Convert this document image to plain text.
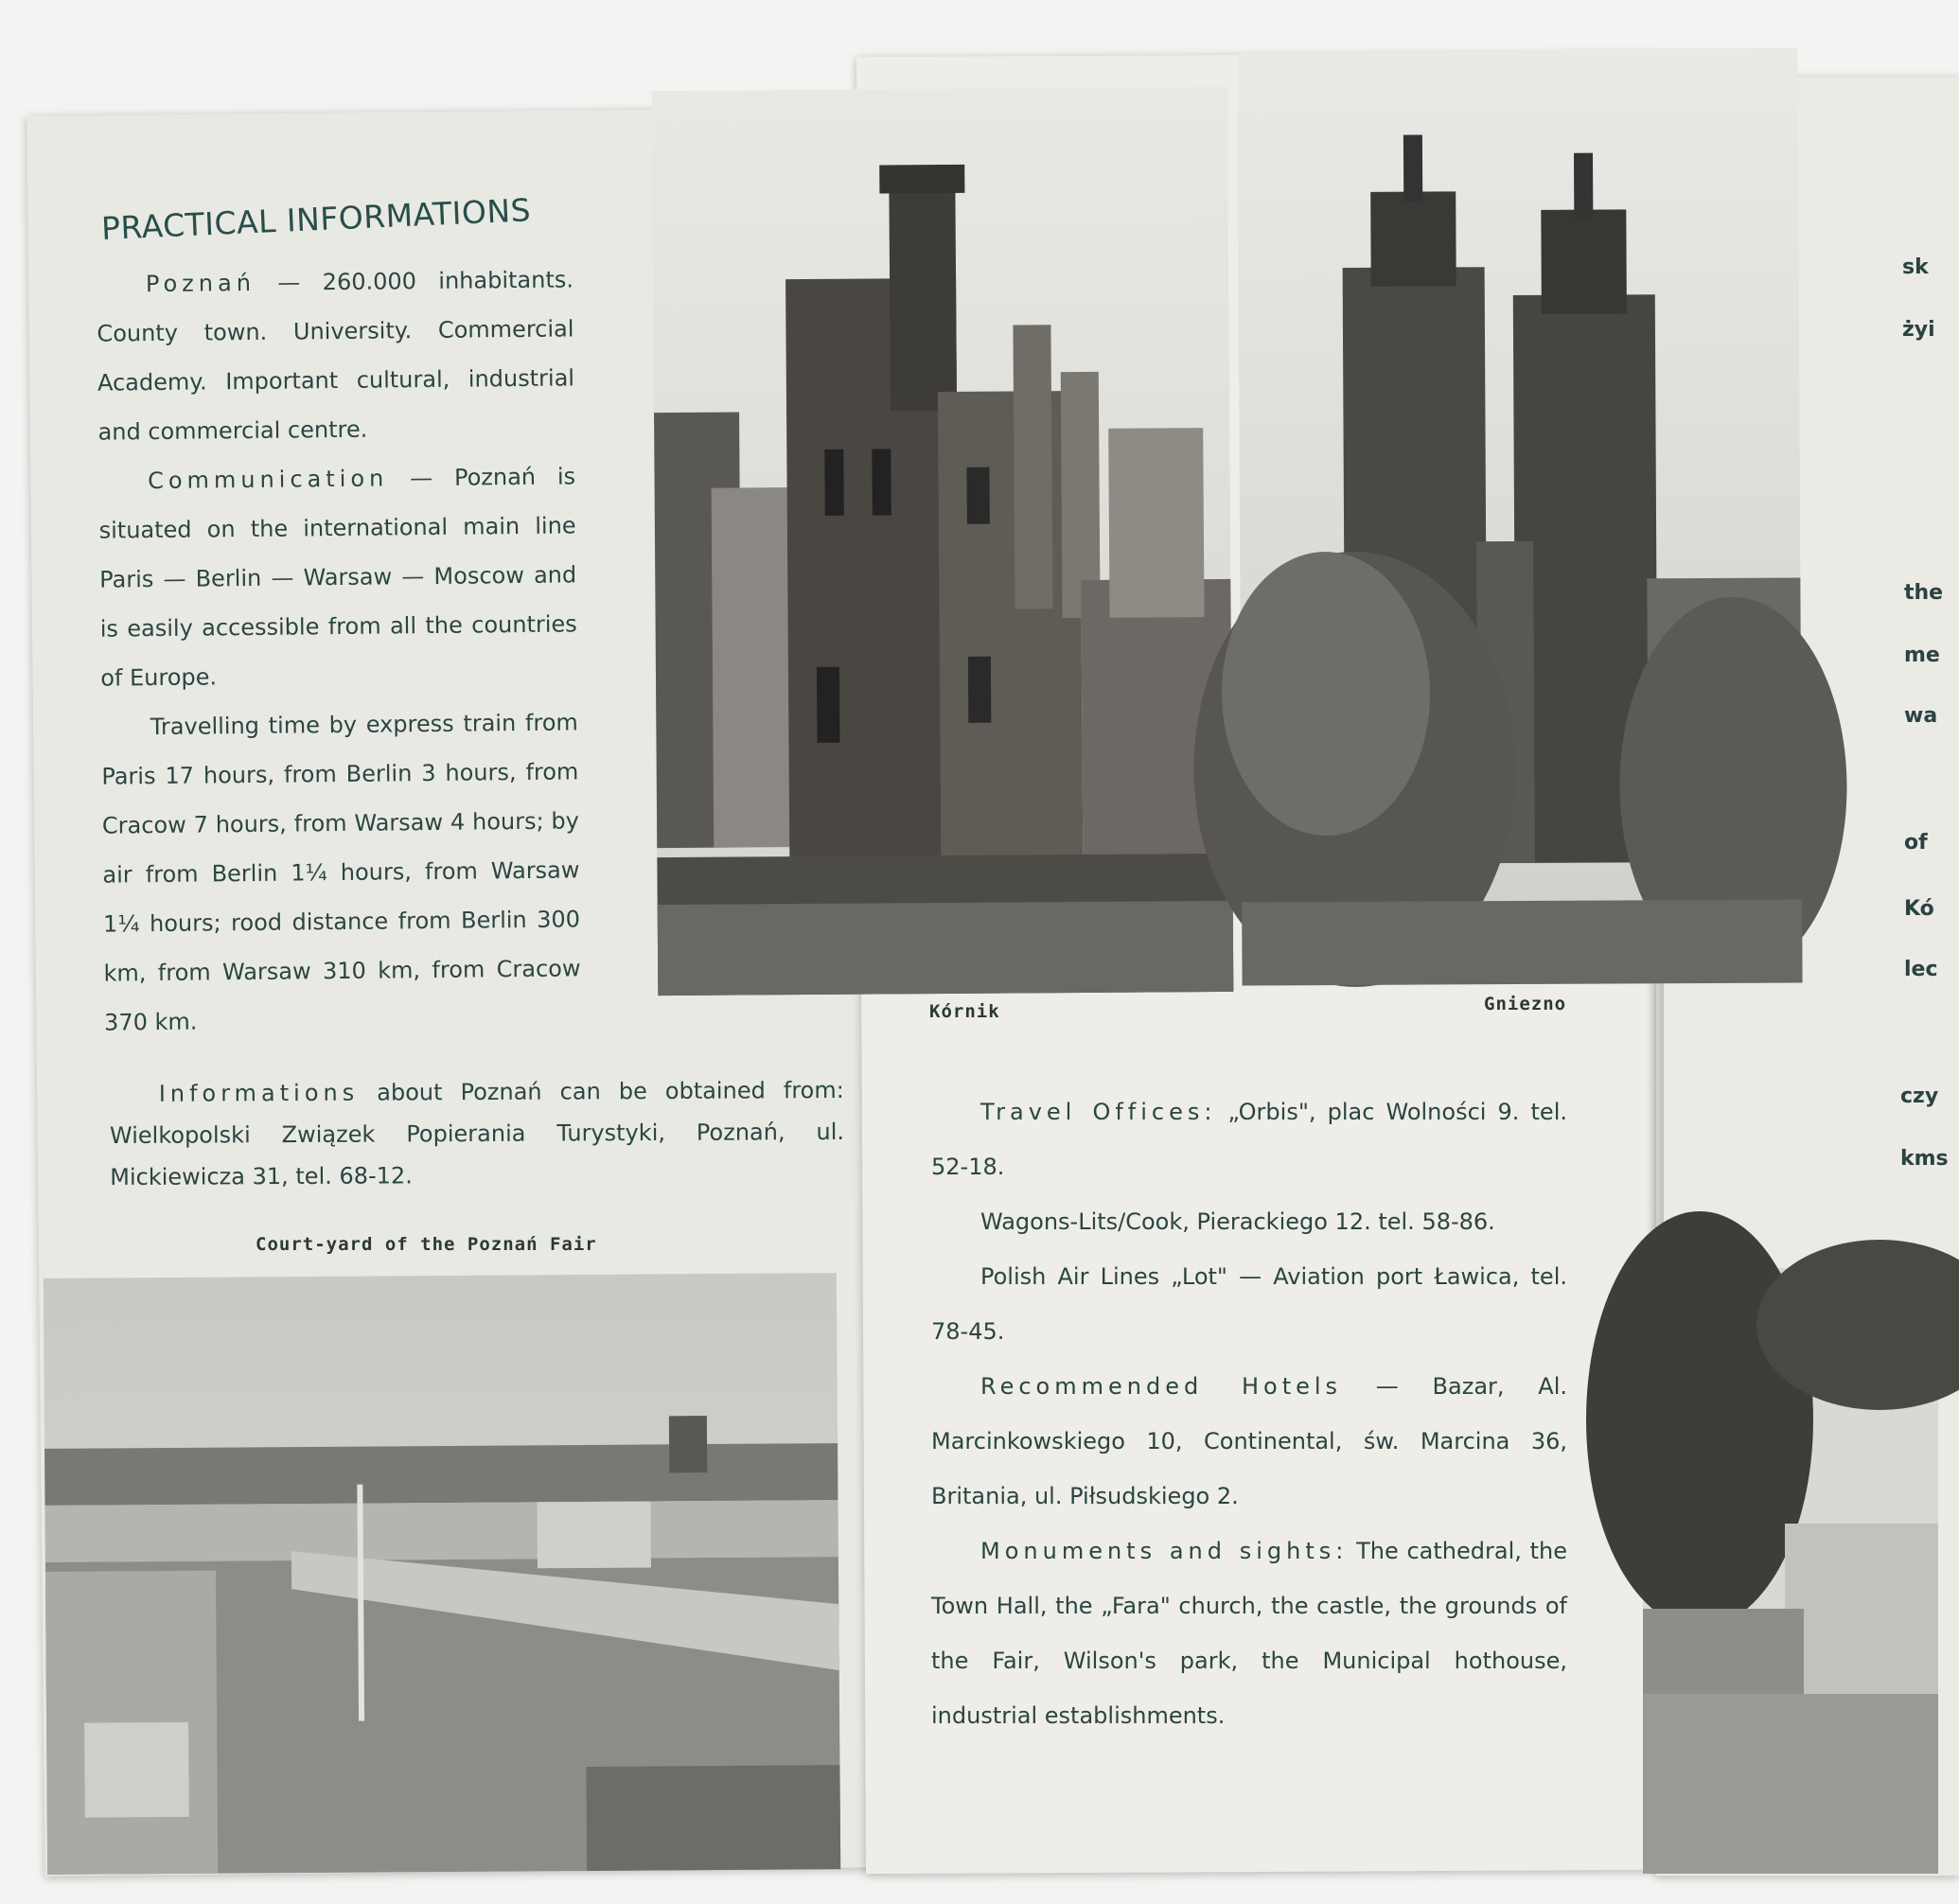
PRACTICAL INFORMATIONS

Poznań — 260.000 inhabitants. County town. University. Commercial Academy. Important cultural, industrial and commercial centre.

Communication — Poznań is situated on the international main line Paris — Berlin — Warsaw — Moscow and is easily accessible from all the countries of Europe.

Travelling time by express train from Paris 17 hours, from Berlin 3 hours, from Cracow 7 hours, from Warsaw 4 hours; by air from Berlin 1¼ hours, from Warsaw 1¼ hours; rood distance from Berlin 300 km, from Warsaw 310 km, from Cracow 370 km.

Informations about Poznań can be obtained from: Wielkopolski Związek Popierania Turystyki, Poznań, ul. Mickiewicza 31, tel. 68-12.

Kórnik	Gniezno
Court-yard of the Poznań Fair

Travel Offices: „Orbis", plac Wolności 9. tel. 52-18.

Wagons-Lits/Cook, Pierackiego 12. tel. 58-86.

Polish Air Lines „Lot" — Aviation port Ławica, tel. 78-45.

Recommended Hotels — Bazar, Al. Marcinkowskiego 10, Continental, św. Marcina 36, Britania, ul. Piłsudskiego 2.

Monuments and sights: The cathedral, the Town Hall, the „Fara" church, the castle, the grounds of the Fair, Wilson's park, the Municipal hothouse, industrial establishments.

sk
żyi
the
me
wa
of
Kó
lec
czy
kms
